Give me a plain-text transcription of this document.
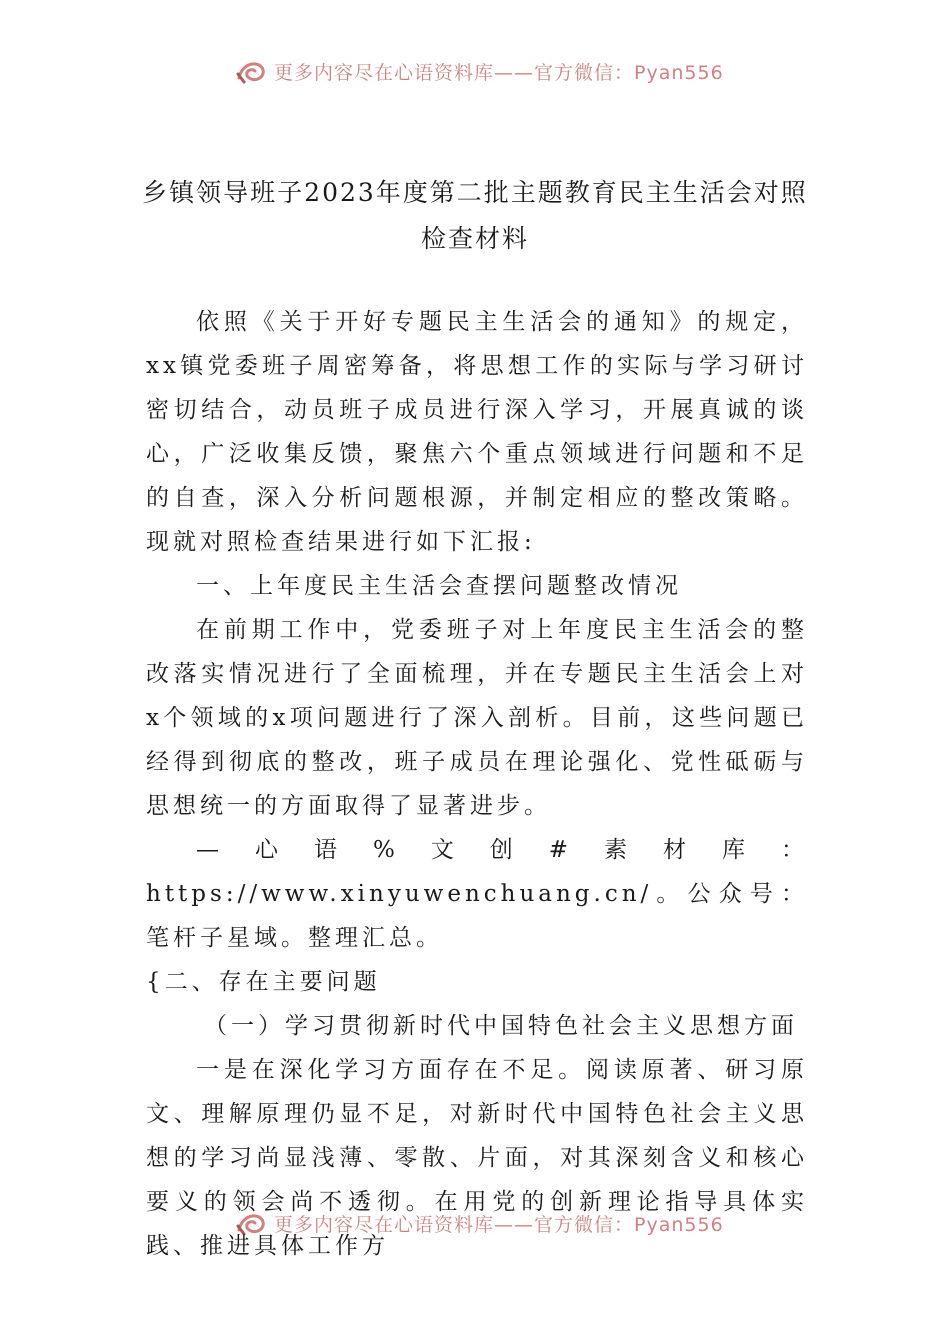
更多内容尽在心语资料库——官方微信：Pyan556
乡镇领导班子2023年度第二批主题教育民主生活会对照检查材料

依照《关于开好专题民主生活会的通知》的规定，xx镇党委班子周密筹备，将思想工作的实际与学习研讨密切结合，动员班子成员进行深入学习，开展真诚的谈心，广泛收集反馈，聚焦六个重点领域进行问题和不足的自查，深入分析问题根源，并制定相应的整改策略。现就对照检查结果进行如下汇报:

一、上年度民主生活会查摆问题整改情况

在前期工作中，党委班子对上年度民主生活会的整改落实情况进行了全面梳理，并在专题民主生活会上对x个领域的x项问题进行了深入剖析。目前，这些问题已经得到彻底的整改，班子成员在理论强化、党性砥砺与思想统一的方面取得了显著进步。

—心语%文创#素材库：https://www.xinyuwenchuang.cn/。公众号：笔杆子星域。整理汇总。

{二、存在主要问题

（一）学习贯彻新时代中国特色社会主义思想方面

一是在深化学习方面存在不足。阅读原著、研习原文、理解原理仍显不足，对新时代中国特色社会主义思想的学习尚显浅薄、零散、片面，对其深刻含义和核心要义的领会尚不透彻。在用党的创新理论指导具体实践、推进具体工作方

更多内容尽在心语资料库——官方微信：Pyan556
